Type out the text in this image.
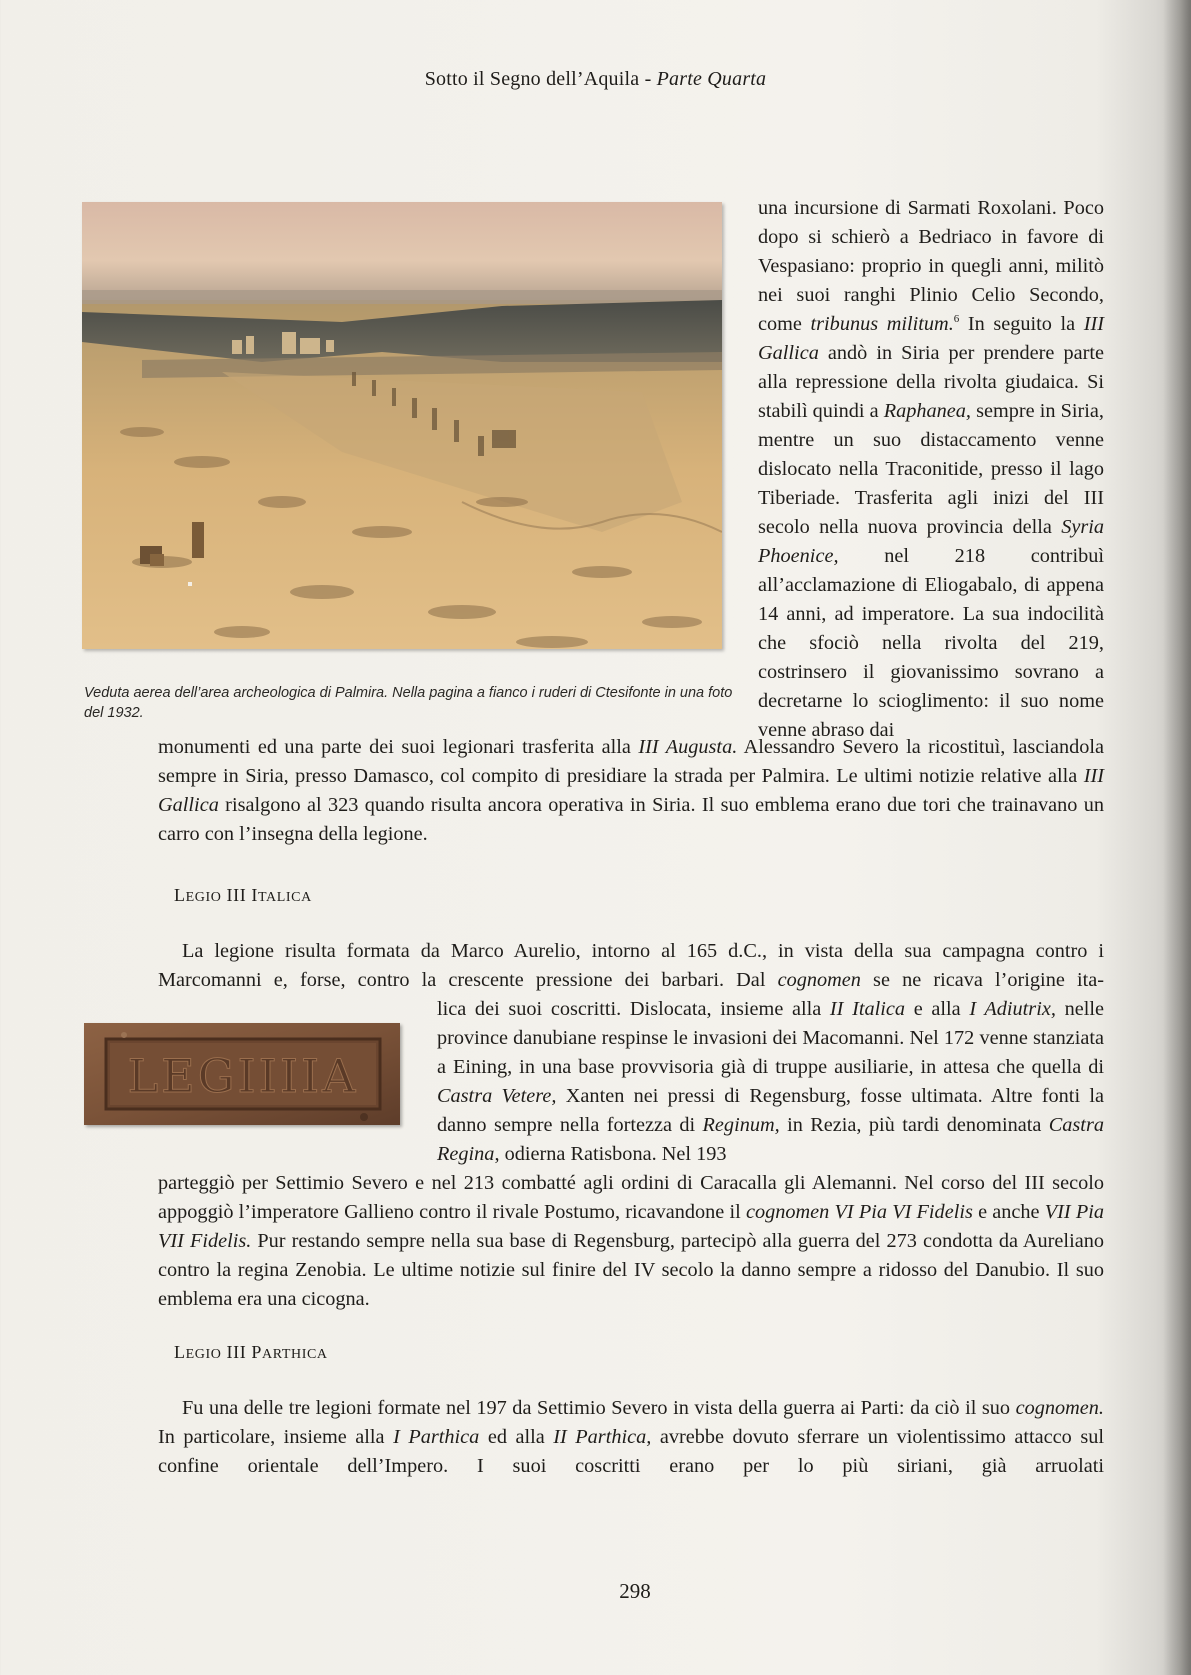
Sotto il Segno dell’Aquila - Parte Quarta
Veduta aerea dell’area archeologica di Palmira. Nella pagina a fianco i ruderi di Ctesifonte in una foto del 1932.

una incursione di Sarmati Roxolani. Poco dopo si schierò a Bedriaco in favore di Vespasiano: proprio in quegli anni, militò nei suoi ranghi Plinio Celio Secondo, come tribunus militum.$^6$ In seguito la III Gallica andò in Siria per prendere parte alla repressione della rivolta giudaica. Si stabilì quindi a Raphanea, sempre in Siria, mentre un suo distaccamento venne dislocato nella Traconitide, presso il lago Tiberiade. Trasferita agli inizi del III secolo nella nuova provincia della Syria Phoenice, nel 218 contribuì all’acclamazione di Eliogabalo, di appena 14 anni, ad imperatore. La sua indocilità che sfociò nella rivolta del 219, costrinsero il giovanissimo sovrano a decretarne lo scioglimento: il suo nome venne abraso dai

monumenti ed una parte dei suoi legionari trasferita alla III Augusta. Alessandro Severo la ricostituì, lasciandola sempre in Siria, presso Damasco, col compito di presidiare la strada per Palmira. Le ultimi notizie relative alla III Gallica risalgono al 323 quando risulta ancora operativa in Siria. Il suo emblema erano due tori che trainavano un carro con l’insegna della legione.

LEGIO III ITALICA

La legione risulta formata da Marco Aurelio, intorno al 165 d.C., in vista della sua campagna contro i Marcomanni e, forse, contro la crescente pressione dei barbari. Dal cognomen se ne ricava l’origine ita-

LEGIIIIA

lica dei suoi coscritti. Dislocata, insieme alla II Italica e alla I Adiutrix, nelle province danubiane respinse le invasioni dei Macomanni. Nel 172 venne stanziata a Eining, in una base provvisoria già di truppe ausiliarie, in attesa che quella di Castra Vetere, Xanten nei pressi di Regensburg, fosse ultimata. Altre fonti la danno sempre nella fortezza di Reginum, in Rezia, più tardi denominata Castra Regina, odierna Ratisbona. Nel 193

parteggiò per Settimio Severo e nel 213 combatté agli ordini di Caracalla gli Alemanni. Nel corso del III secolo appoggiò l’imperatore Gallieno contro il rivale Postumo, ricavandone il cognomen VI Pia VI Fidelis e anche VII Pia VII Fidelis. Pur restando sempre nella sua base di Regensburg, partecipò alla guerra del 273 condotta da Aureliano contro la regina Zenobia. Le ultime notizie sul finire del IV secolo la danno sempre a ridosso del Danubio. Il suo emblema era una cicogna.

LEGIO III PARTHICA

Fu una delle tre legioni formate nel 197 da Settimio Severo in vista della guerra ai Parti: da ciò il suo cognomen. In particolare, insieme alla I Parthica ed alla II Parthica, avrebbe dovuto sferrare un violentissimo attacco sul confine orientale dell’Impero. I suoi coscritti erano per lo più siriani, già arruolati

298
